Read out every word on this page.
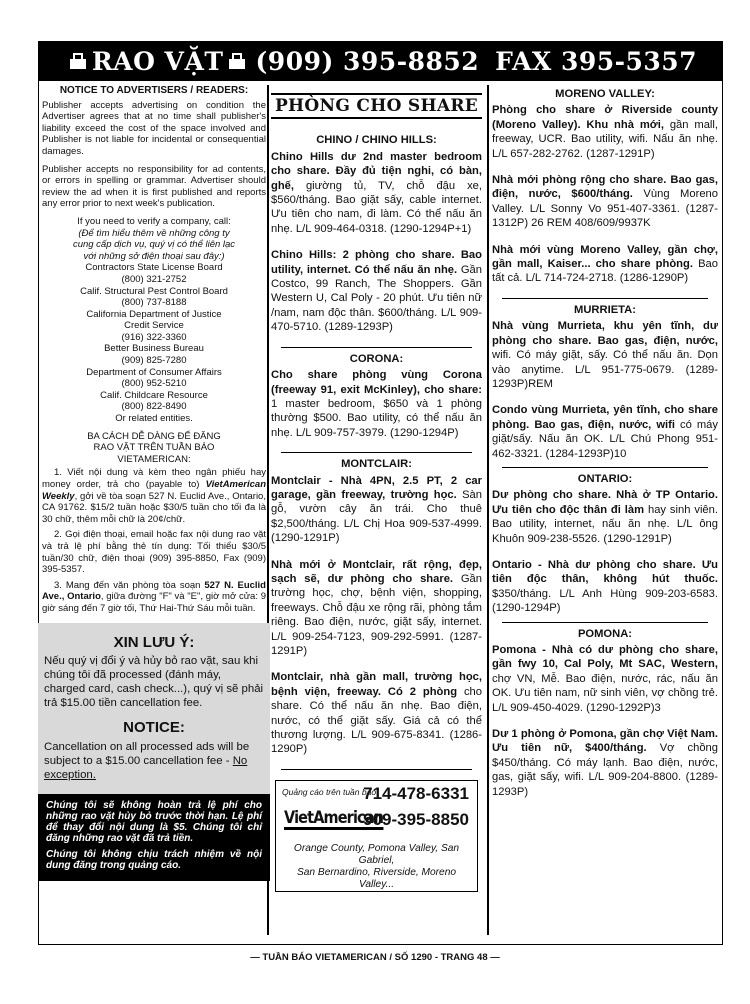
RAO VẶT (909) 395-8852 FAX 395-5357

NOTICE TO ADVERTISERS / READERS:

Publisher accepts advertising on condition the Advertiser agrees that at no time shall publisher's liability exceed the cost of the space involved and Publisher is not liable for incidental or consequential damages.

Publisher accepts no responsibility for ad contents, or errors in spelling or grammar. Advertiser should review the ad when it is first published and reports any error prior to next week's publication.

If you need to verify a company, call:

(Để tìm hiểu thêm về những công ty

cung cấp dịch vụ, quý vị có thể liên lạc

với những sở điện thoại sau đây:)

Contractors State License Board

(800) 321-2752

Calif. Structural Pest Control Board

(800) 737-8188

California Department of Justice

Credit Service

(916) 322-3360

Better Business Bureau

(909) 825-7280

Department of Consumer Affairs

(800) 952-5210

Calif. Childcare Resource

(800) 822-8490

Or related entities.

BA CÁCH DỄ DÀNG ĐỂ ĐĂNG

RAO VẶT TRÊN TUẦN BÁO

VIETAMERICAN:

1. Viết nội dung và kèm theo ngân phiếu hay money order, trả cho (payable to) VietAmerican Weekly, gởi về tòa soạn 527 N. Euclid Ave., Ontario, CA 91762. $15/2 tuần hoặc $30/5 tuần cho tối đa là 30 chữ, thêm mỗi chữ là 20¢/chữ.

2. Gọi điện thoại, email hoặc fax nội dung rao vặt và trả lệ phí bằng thẻ tín dụng: Tối thiểu $30/5 tuần/30 chữ, điện thoại (909) 395-8850, Fax (909) 395-5357.

3. Mang đến văn phòng tòa soạn 527 N. Euclid Ave., Ontario, giữa đường "F" và "E", giờ mở cửa: 9 giờ sáng đến 7 giờ tối, Thứ Hai-Thứ Sáu mỗi tuần.

XIN LƯU Ý:

Nếu quý vị đổi ý và hủy bỏ rao vặt, sau khi chúng tôi đã processed (đánh máy, charged card, cash check...), quý vị sẽ phải trả $15.00 tiền cancellation fee.

NOTICE:

Cancellation on all processed ads will be subject to a $15.00 cancellation fee - No exception.

Chúng tôi sẽ không hoàn trả lệ phí cho những rao vặt hủy bỏ trước thời hạn. Lệ phí để thay đổi nội dung là $5. Chúng tôi chỉ đăng những rao vặt đã trả tiền.

Chúng tôi không chịu trách nhiệm về nội dung đăng trong quảng cáo.

PHÒNG CHO SHARE
CHINO / CHINO HILLS:

Chino Hills dư 2nd master bedroom cho share. Đầy đủ tiện nghi, có bàn, ghế, giường tủ, TV, chỗ đậu xe, $560/tháng. Bao giặt sấy, cable internet. Ưu tiên cho nam, đi làm. Có thể nấu ăn nhẹ. L/L 909-464-0318. (1290-1294P+1)

Chino Hills: 2 phòng cho share. Bao utility, internet. Có thể nấu ăn nhẹ. Gần Costco, 99 Ranch, The Shoppers. Gần Western U, Cal Poly - 20 phút. Ưu tiên nữ /nam, nam độc thân. $600/tháng. L/L 909-470-5710. (1289-1293P)

CORONA:

Cho share phòng vùng Corona (freeway 91, exit McKinley), cho share: 1 master bedroom, $650 và 1 phòng thường $500. Bao utility, có thể nấu ăn nhẹ. L/L 909-757-3979. (1290-1294P)

MONTCLAIR:

Montclair - Nhà 4PN, 2.5 PT, 2 car garage, gần freeway, trường học. Sàn gỗ, vườn cây ăn trái. Cho thuê $2,500/tháng. L/L Chị Hoa 909-537-4999. (1290-1291P)

Nhà mới ở Montclair, rất rộng, đẹp, sạch sẽ, dư phòng cho share. Gần trường học, chợ, bệnh viện, shopping, freeways. Chỗ đậu xe rộng rãi, phòng tắm riêng. Bao điện, nước, giặt sấy, internet. L/L 909-254-7123, 909-292-5991. (1287-1291P)

Montclair, nhà gần mall, trường học, bệnh viện, freeway. Có 2 phòng cho share. Có thể nấu ăn nhẹ. Bao điện, nước, có thể giặt sấy. Giá cả có thể thương lượng. L/L 909-675-8341. (1286-1290P)

Quảng cáo trên tuần báo
VietAmerican
714-478-6331
909-395-8850
Orange County, Pomona Valley, San Gabriel,
San Bernardino, Riverside, Moreno Valley...
MORENO VALLEY:

Phòng cho share ở Riverside county (Moreno Valley). Khu nhà mới, gần mall, freeway, UCR. Bao utility, wifi. Nấu ăn nhẹ. L/L 657-282-2762. (1287-1291P)

Nhà mới phòng rộng cho share. Bao gas, điện, nước, $600/tháng. Vùng Moreno Valley. L/L Sonny Vo 951-407-3361. (1287-1312P) 26 REM 408/609/9937K

Nhà mới vùng Moreno Valley, gần chợ, gần mall, Kaiser... cho share phòng. Bao tất cả. L/L 714-724-2718. (1286-1290P)

MURRIETA:

Nhà vùng Murrieta, khu yên tĩnh, dư phòng cho share. Bao gas, điện, nước, wifi. Có máy giặt, sấy. Có thể nấu ăn. Dọn vào anytime. L/L 951-775-0679. (1289-1293P)REM

Condo vùng Murrieta, yên tĩnh, cho share phòng. Bao gas, điện, nước, wifi có máy giặt/sấy. Nấu ăn OK. L/L Chú Phong 951-462-3321. (1284-1293P)10

ONTARIO:

Dư phòng cho share. Nhà ở TP Ontario. Ưu tiên cho độc thân đi làm hay sinh viên. Bao utility, internet, nấu ăn nhẹ. L/L ông Khuôn 909-238-5526. (1290-1291P)

Ontario - Nhà dư phòng cho share. Ưu tiên độc thân, không hút thuốc. $350/tháng. L/L Anh Hùng 909-203-6583. (1290-1294P)

POMONA:

Pomona - Nhà có dư phòng cho share, gần fwy 10, Cal Poly, Mt SAC, Western, chợ VN, Mễ. Bao điện, nước, rác, nấu ăn OK. Ưu tiên nam, nữ sinh viên, vợ chồng trẻ. L/L 909-450-4029. (1290-1292P)3

Dư 1 phòng ở Pomona, gần chợ Việt Nam. Ưu tiên nữ, $400/tháng. Vợ chồng $450/tháng. Có máy lạnh. Bao điện, nước, gas, giặt sấy, wifi. L/L 909-204-8800. (1289-1293P)

— TUẦN BÁO VIETAMERICAN / SỐ 1290 - TRANG 48 —
